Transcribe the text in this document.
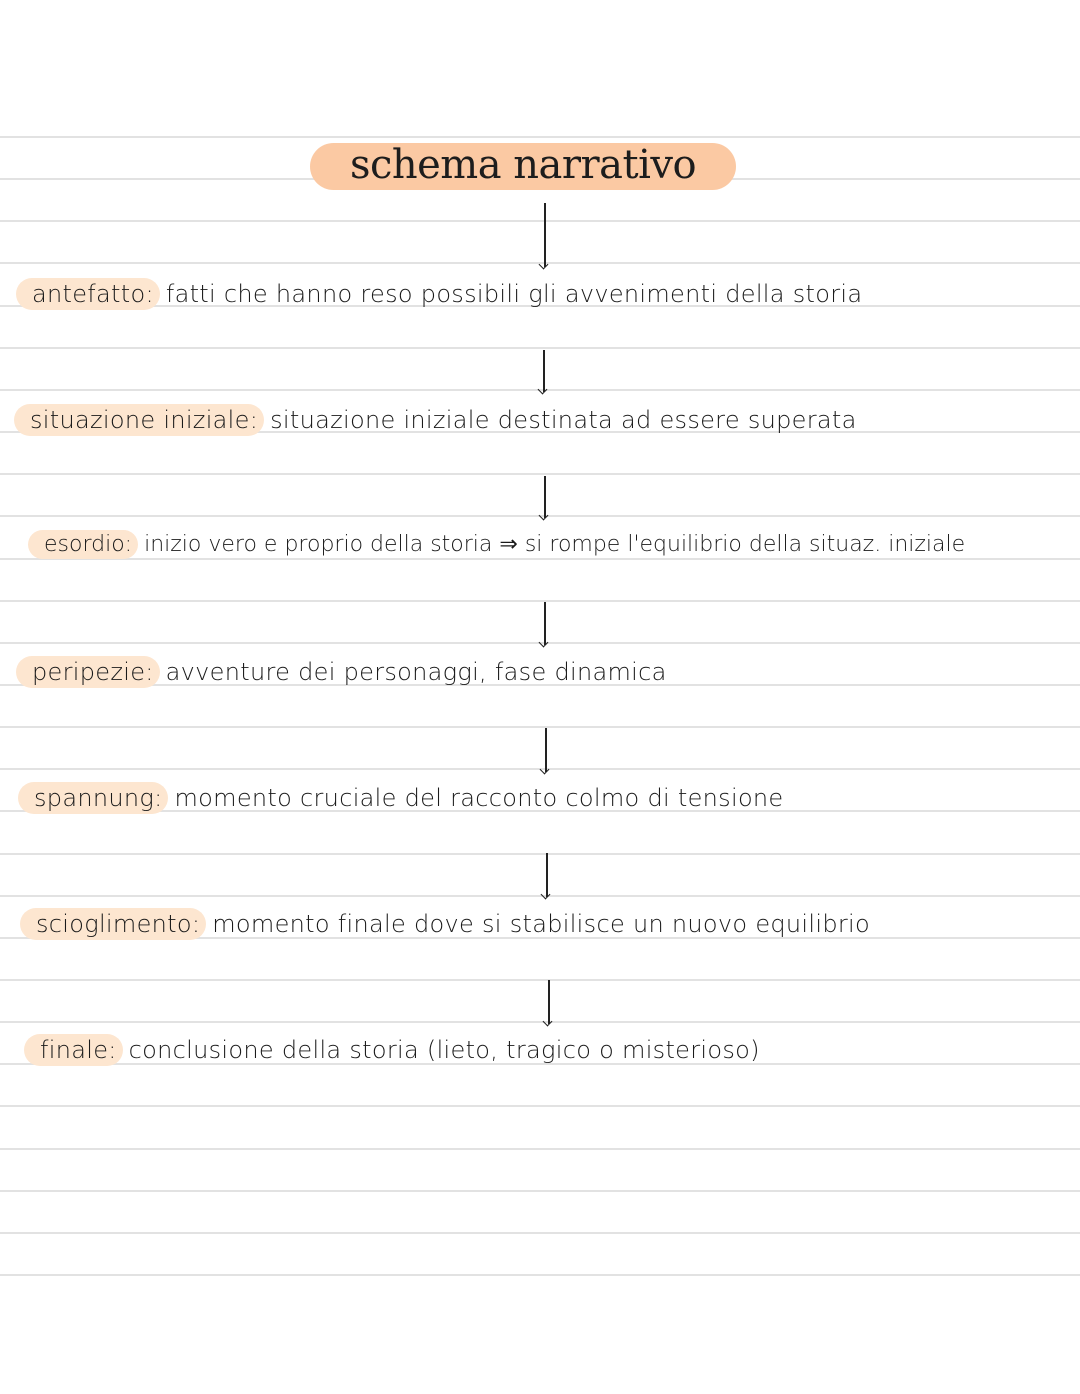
schema narrativo
antefatto: fatti che hanno reso possibili gli avvenimenti della storia
situazione iniziale: situazione iniziale destinata ad essere superata
esordio: inizio vero e proprio della storia ⇒ si rompe l'equilibrio della situaz. iniziale
peripezie: avventure dei personaggi, fase dinamica
spannung: momento cruciale del racconto colmo di tensione
scioglimento: momento finale dove si stabilisce un nuovo equilibrio
finale: conclusione della storia (lieto, tragico o misterioso)
